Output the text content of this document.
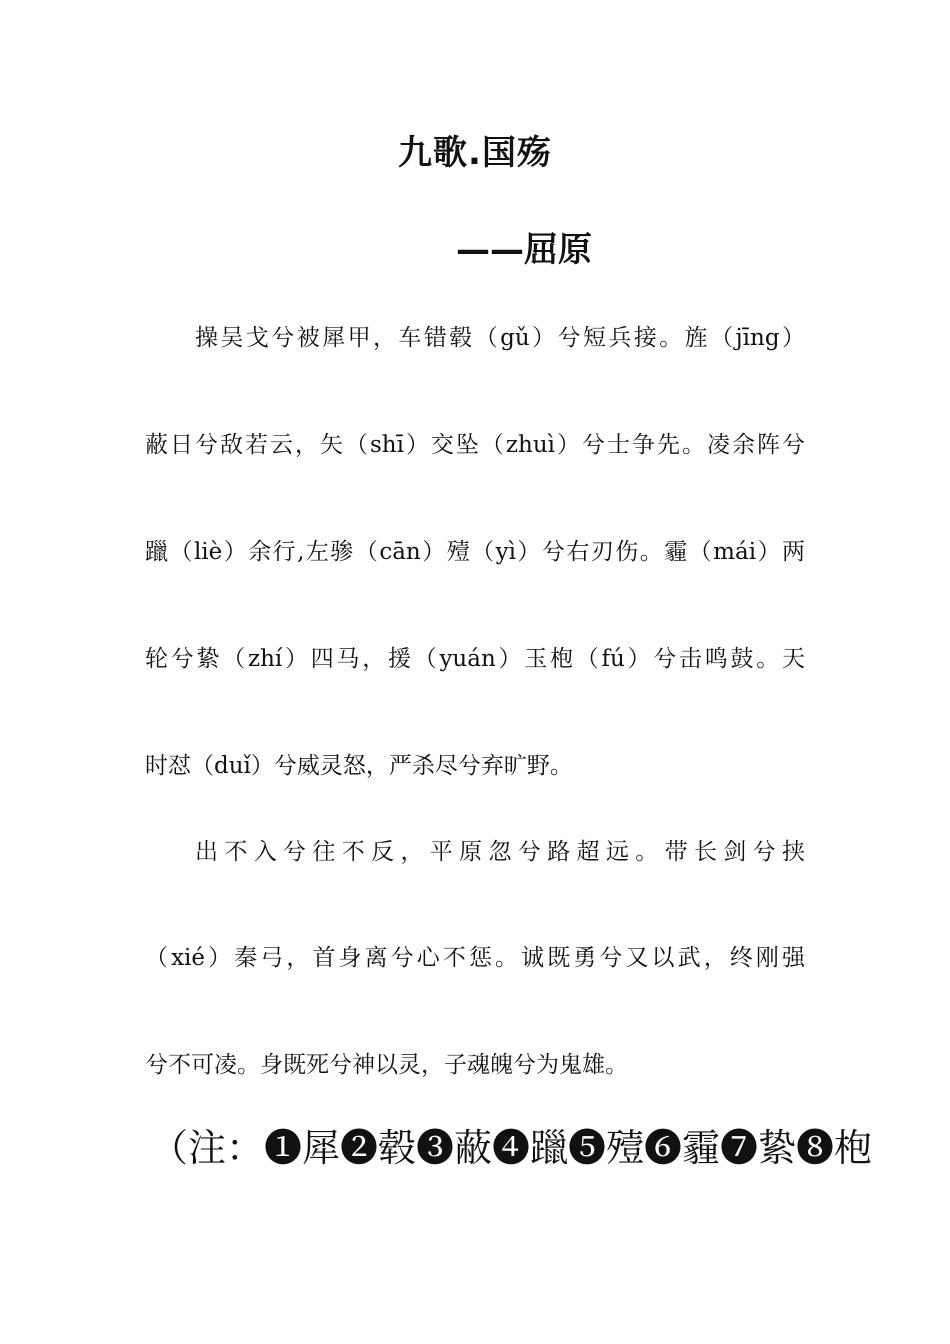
九歌.国殇
——屈原
操吴戈兮被犀甲，车错毂（gǔ）兮短兵接。旌（jīng）
蔽日兮敌若云，矢（shī）交坠（zhuì）兮士争先。凌余阵兮
躐（liè）余行,左骖（cān）殪（yì）兮右刃伤。霾（mái）两
轮兮絷（zhí）四马，援（yuán）玉枹（fú）兮击鸣鼓。天
时怼（duǐ）兮威灵怒，严杀尽兮弃旷野。
出不入兮往不反，平原忽兮路超远。带长剑兮挟
（xié）秦弓，首身离兮心不惩。诚既勇兮又以武，终刚强
兮不可凌。身既死兮神以灵，子魂魄兮为鬼雄。
（注：❶犀❷毂❸蔽❹躐❺殪❻霾❼絷❽枹
